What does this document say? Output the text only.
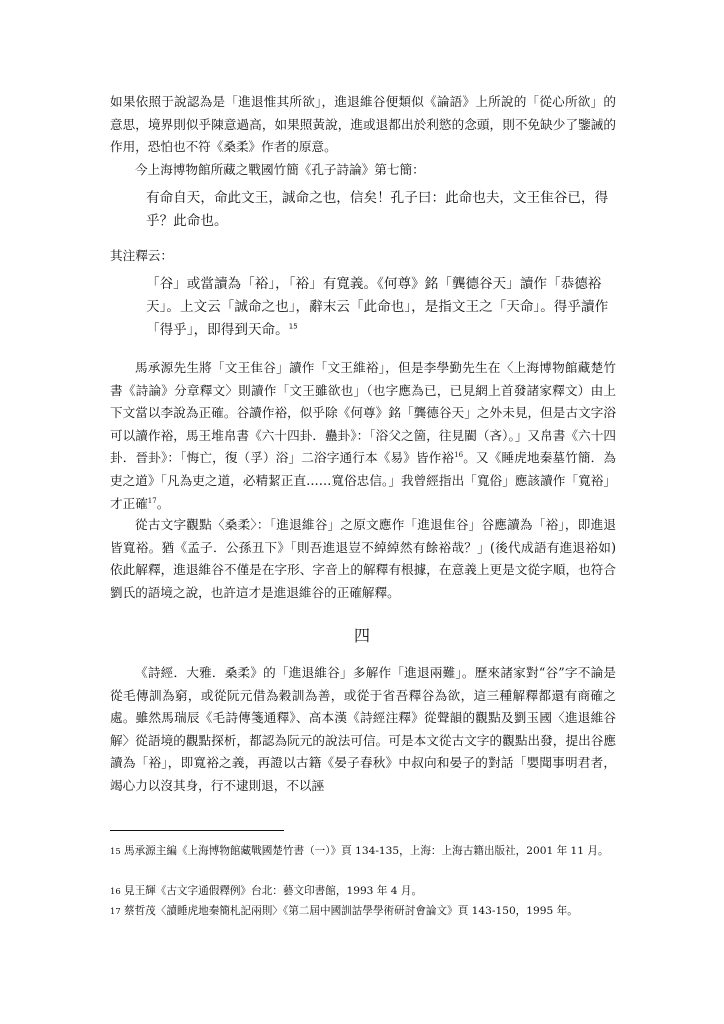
如果依照于說認為是「進退惟其所欲」，進退維谷便類似《論語》上所說的「從心所欲」的意思，境界則似乎陳意過高，如果照黃說，進或退都出於利慾的念頭，則不免缺少了鑒誡的作用，恐怕也不符《桑柔》作者的原意。

今上海博物館所藏之戰國竹簡《孔子詩論》第七簡：

有命自天，命此文王，誠命之也，信矣！孔子曰：此命也夫，文王隹谷已，得乎？此命也。

其注釋云：

「谷」或當讀為「裕」，「裕」有寬義。《何尊》銘「龔德谷天」讀作「恭德裕天」。上文云「誠命之也」，辭末云「此命也」，是指文王之「天命」。得乎讀作「得乎」，即得到天命。$^{15}$

馬承源先生將「文王隹谷」讀作「文王維裕」，但是李學勤先生在〈上海博物館藏楚竹書《詩論》分章釋文〉則讀作「文王雖欲也」（也字應為已，已見網上首發諸家釋文）由上下文當以李說為正確。谷讀作裕，似乎除《何尊》銘「龔德谷天」之外未見，但是古文字浴可以讀作裕，馬王堆帛書《六十四卦．蠱卦》：「浴父之箇，往見閵（吝）。」又帛書《六十四卦．晉卦》：「悔亡，復（孚）浴」二浴字通行本《易》皆作裕$^{16}$。又《睡虎地秦墓竹簡．為吏之道》「凡為吏之道，必精絜正直……寬俗忠信。」我曾經指出「寬俗」應該讀作「寬裕」才正確$^{17}$。

從古文字觀點〈桑柔〉：「進退維谷」之原文應作「進退隹谷」谷應讀為「裕」，即進退皆寬裕。猶《孟子．公孫丑下》「則吾進退豈不綽綽然有餘裕哉？」(後代成語有進退裕如)依此解釋，進退維谷不僅是在字形、字音上的解釋有根據，在意義上更是文從字順，也符合劉氏的語境之說，也許這才是進退維谷的正確解釋。

四

《詩經．大雅．桑柔》的「進退維谷」多解作「進退兩難」。歷來諸家對“谷”字不論是從毛傳訓為窮，或從阮元借為穀訓為善，或從于省吾釋谷為欲，這三種解釋都還有商確之處。雖然馬瑞辰《毛詩傳箋通釋》、高本漢《詩經注釋》從聲韻的觀點及劉玉國〈進退維谷解〉從語境的觀點探析，都認為阮元的說法可信。可是本文從古文字的觀點出發，提出谷應讀為「裕」，即寬裕之義，再證以古籍《晏子春秋》中叔向和晏子的對話「嬰聞事明君者，竭心力以沒其身，行不逮則退，不以誣

15 馬承源主編《上海博物館藏戰國楚竹書（一）》頁 134-135，上海：上海古籍出版社，2001 年 11 月。

16 見王輝《古文字通假釋例》台北：藝文印書館，1993 年 4 月。

17 蔡哲茂〈讀睡虎地秦簡札記兩則〉《第二屆中國訓詁學學術研討會論文》頁 143-150，1995 年。
